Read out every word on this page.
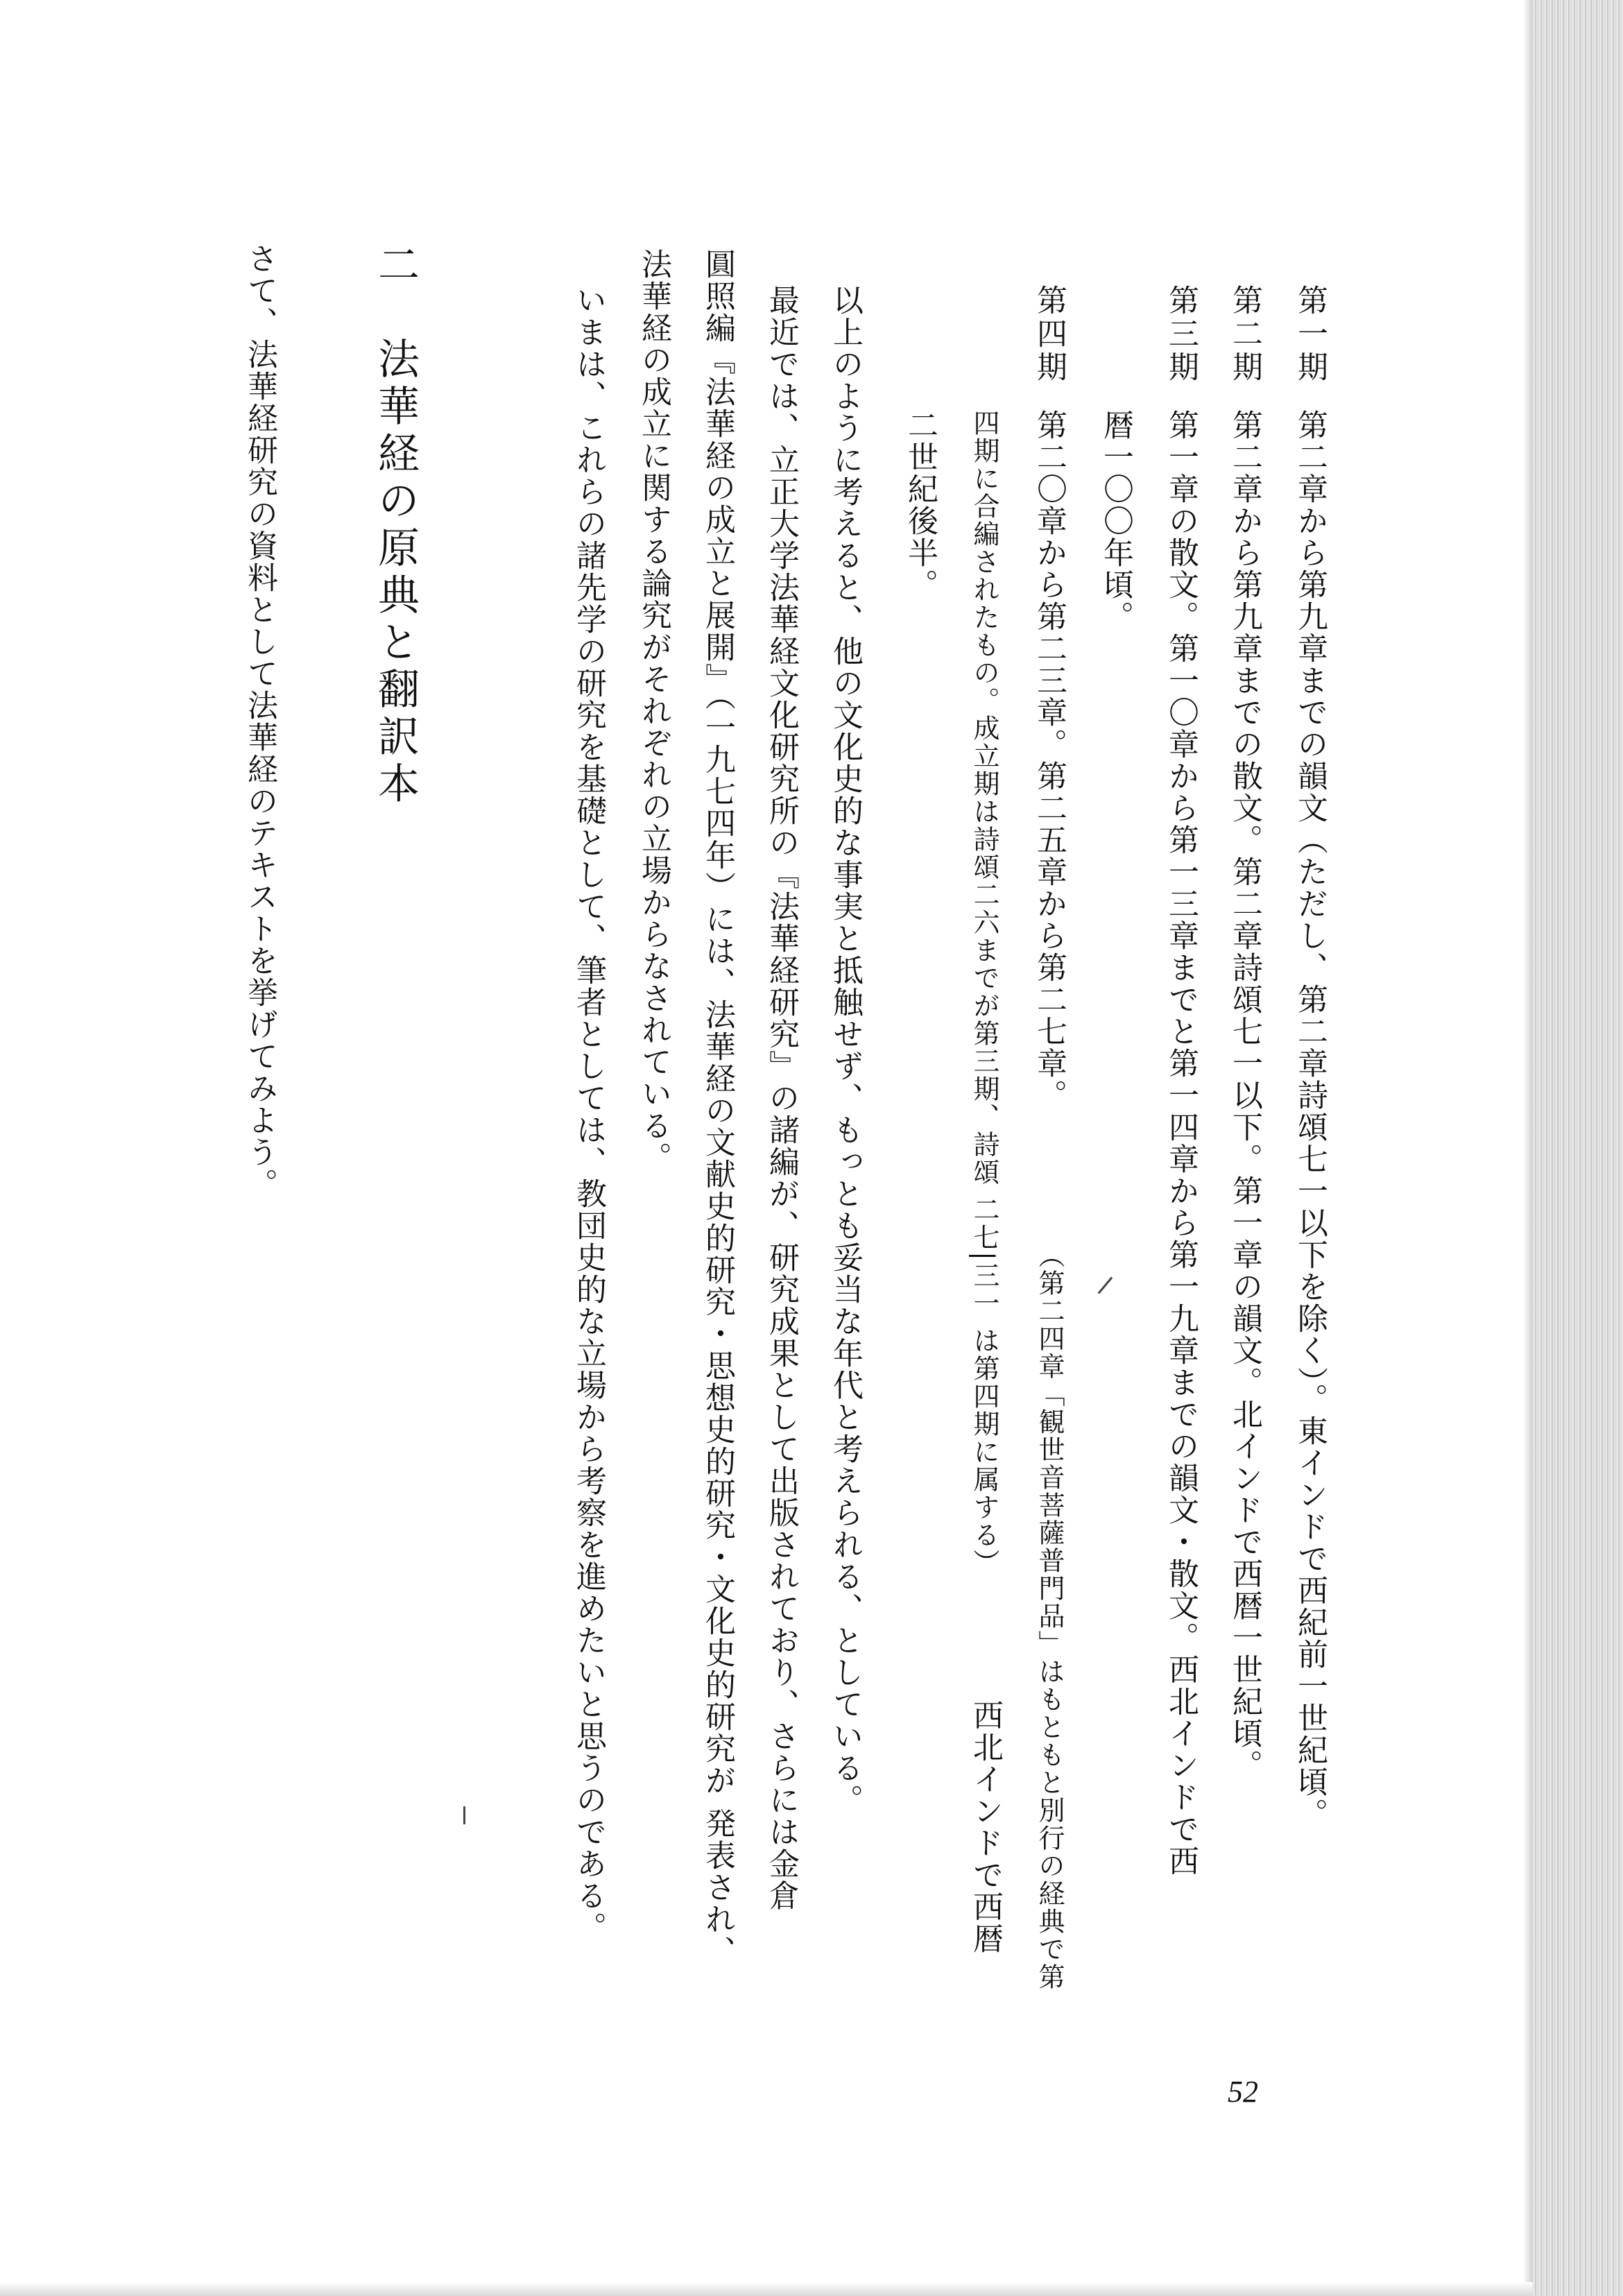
第一期
第二章から第九章までの韻文（ただし、第二章詩頌七一以下を除く）。東インドで西紀前一世紀頃。
第二期
第二章から第九章までの散文。第二章詩頌七一以下。第一章の韻文。北インドで西暦一世紀頃。
第三期
第一章の散文。第一〇章から第一三章までと第一四章から第一九章までの韻文・散文。西北インドで西
暦一〇〇年頃。
第四期
第二〇章から第二三章。第二五章から第二七章。
（第二四章「観世音菩薩普門品」はもともと別行の経典で第
四期に合編されたもの。成立期は詩頌二六までが第三期、詩頌 二七|三一 は第四期に属する）
西北インドで西暦
二世紀後半。
以上のように考えると、他の文化史的な事実と抵触せず、もっとも妥当な年代と考えられる、としている。
最近では、立正大学法華経文化研究所の『法華経研究』の諸編が、研究成果として出版されており、さらには金倉
圓照編『法華経の成立と展開』（一九七四年）には、法華経の文献史的研究・思想史的研究・文化史的研究が 発表され、
法華経の成立に関する論究がそれぞれの立場からなされている。
いまは、これらの諸先学の研究を基礎として、筆者としては、教団史的な立場から考察を進めたいと思うのである。
二　法華経の原典と翻訳本
さて、法華経研究の資料として法華経のテキストを挙げてみよう。
52
